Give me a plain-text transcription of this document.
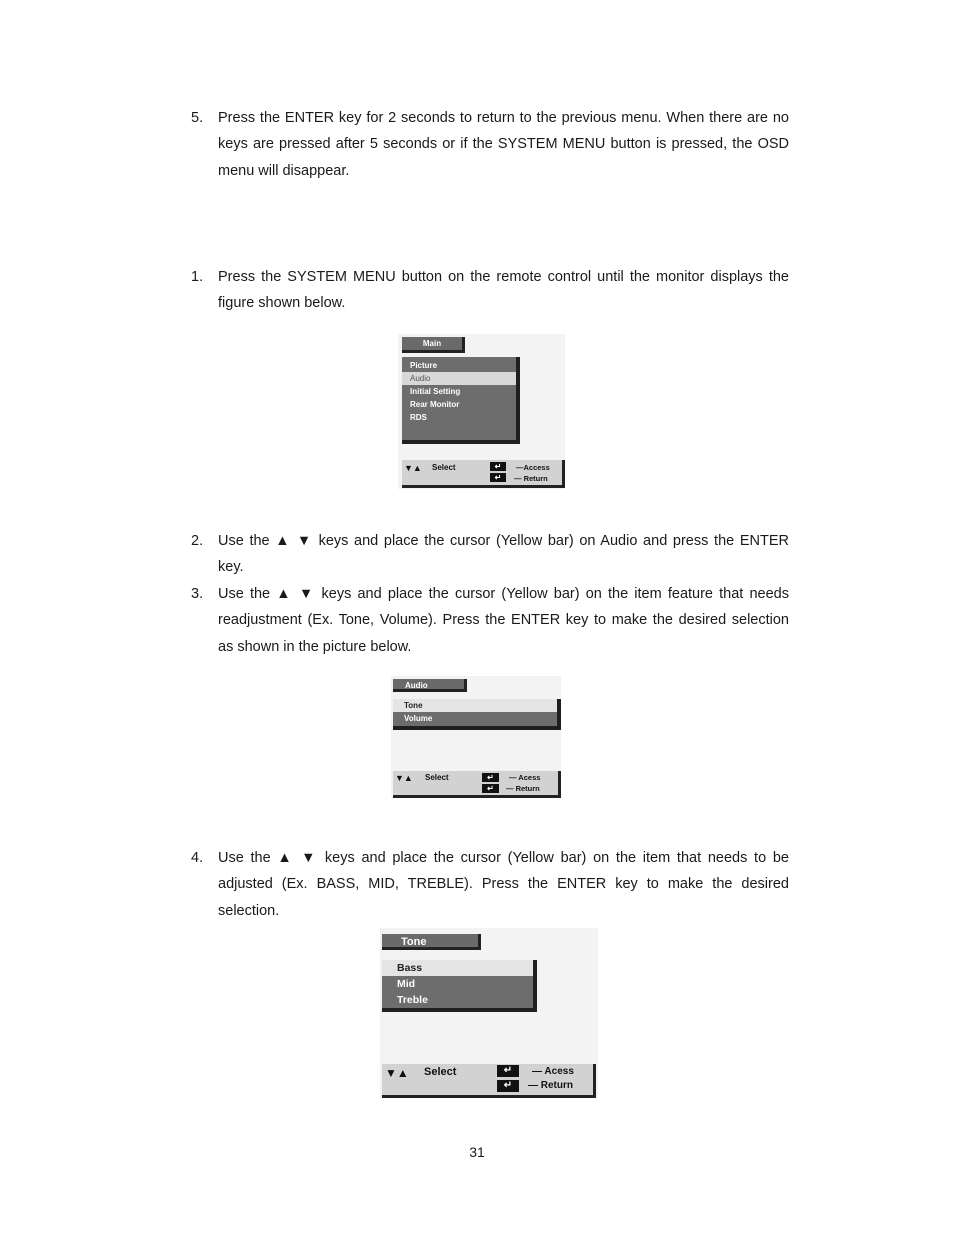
5. Press the ENTER key for 2 seconds to return to the previous menu. When there are no keys are pressed after 5 seconds or if the SYSTEM MENU button is pressed, the OSD menu will disappear.
1. Press the SYSTEM MENU button on the remote control until the monitor displays the figure shown below.
Main
Picture
Audio
Initial Setting
Rear Monitor
RDS
▼▲ Select	↵
↵
—Access
— Return
2. Use the ▲ ▼ keys and place the cursor (Yellow bar) on Audio and press the ENTER key.
3. Use the ▲ ▼ keys and place the cursor (Yellow bar) on the item feature that needs readjustment (Ex. Tone, Volume). Press the ENTER key to make the desired selection as shown in the picture below.
Audio
Tone
Volume
▼▲ Select	↵
↵
— Acess
— Return
4. Use the ▲ ▼ keys and place the cursor (Yellow bar) on the item that needs to be adjusted (Ex. BASS, MID, TREBLE). Press the ENTER key to make the desired selection.
Tone
Bass
Mid
Treble
▼▲ Select	↵
↵
— Acess
— Return
31
